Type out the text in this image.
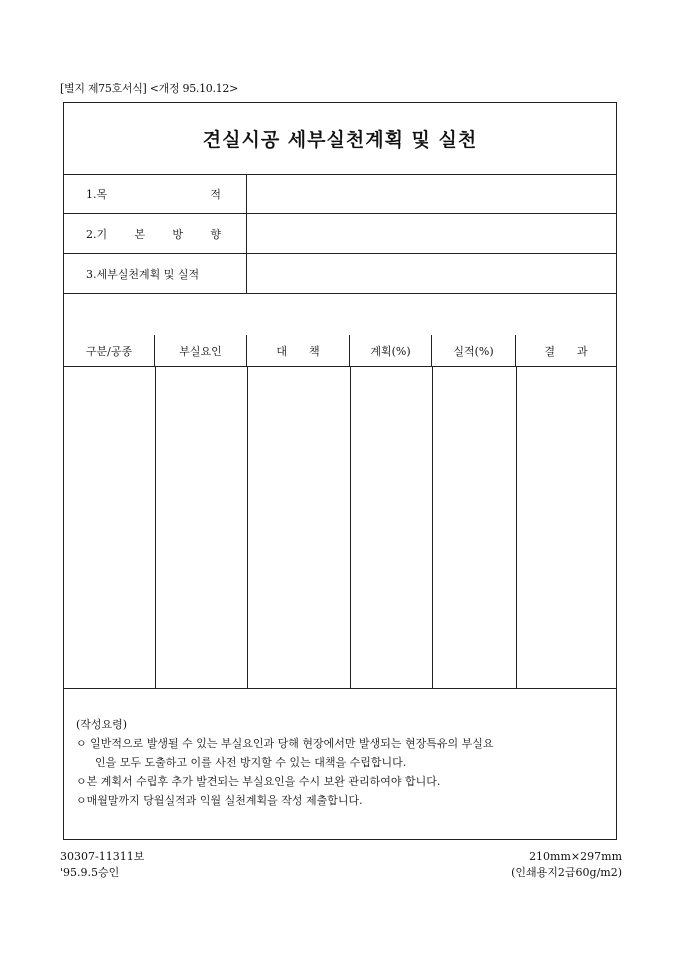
[별지 제75호서식] <개정 95.10.12>
견실시공 세부실천계획 및 실천
1.목	적
2.기 본 방 향
3.세부실천계획 및 실적
구분/공종	부실요인	대　　책	계획(%)	실적(%)	결　　과
(작성요령)
ㅇ 일반적으로 발생될 수 있는 부실요인과 당해 현장에서만 발생되는 현장특유의 부실요
인을 모두 도출하고 이를 사전 방지할 수 있는 대책을 수립합니다.
ㅇ본 계획서 수립후 추가 발견되는 부실요인을 수시 보완 관리하여야 합니다.
ㅇ매월말까지 당월실적과 익월 실천계획을 작성 제출합니다.
30307-11311보
'95.9.5승인
210mm×297mm
(인쇄용지2급60g/m2)
